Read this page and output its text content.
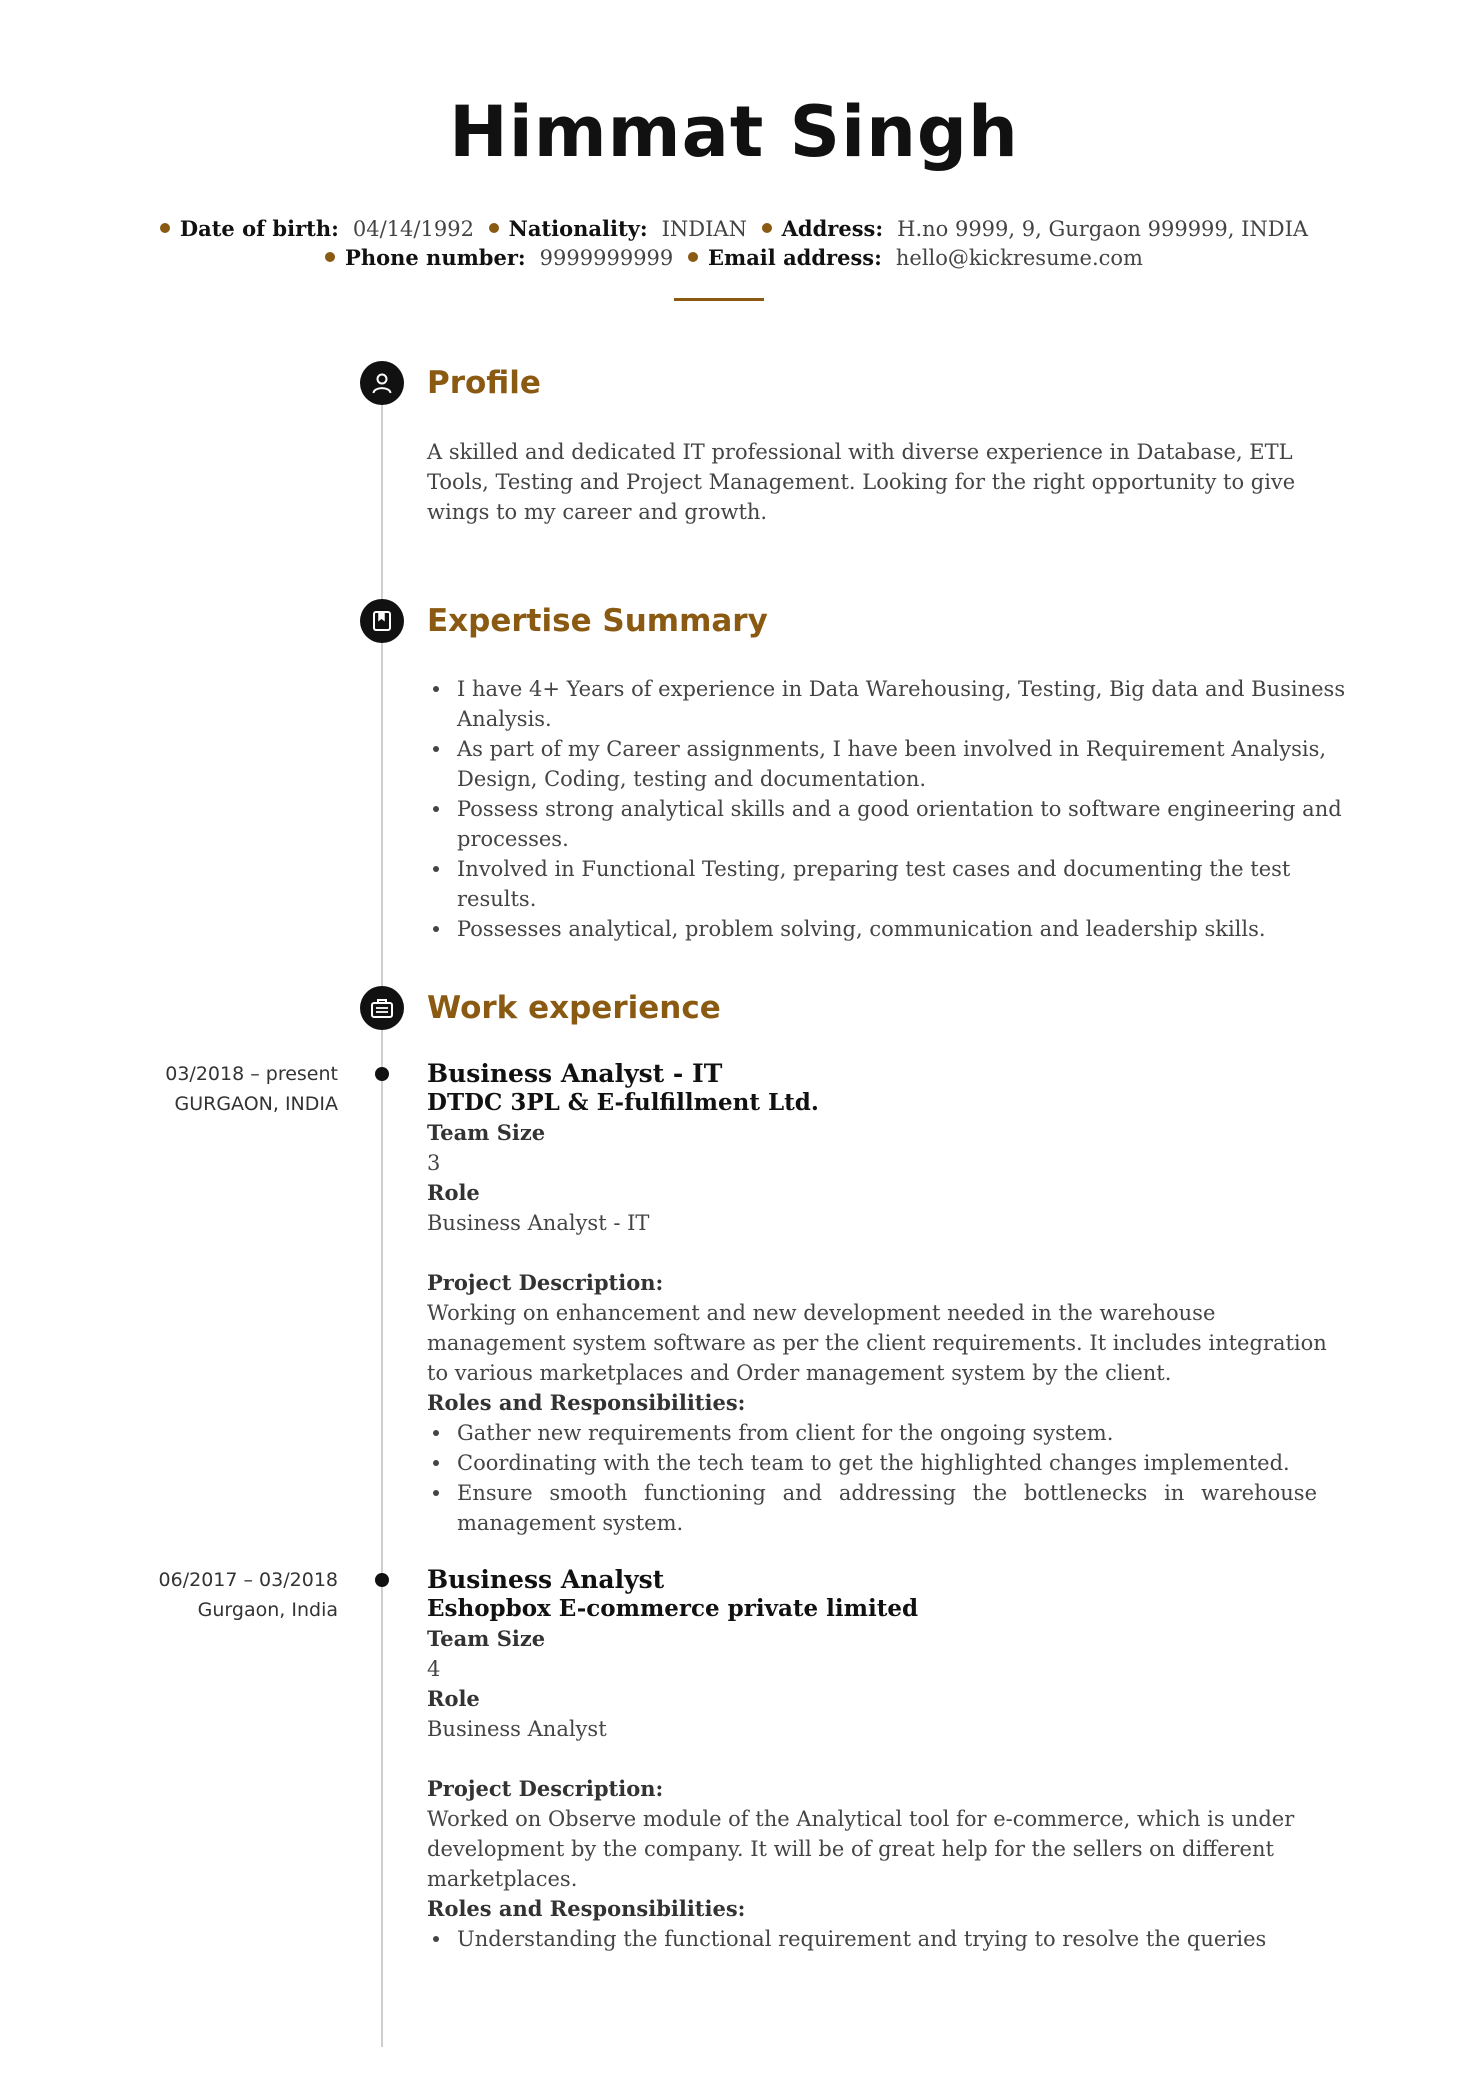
Himmat Singh
Date of birth: 04/14/1992 Nationality: INDIAN Address: H.no 9999, 9, Gurgaon 999999, INDIA
Phone number: 9999999999 Email address: hello@kickresume.com
Profile
A skilled and dedicated IT professional with diverse experience in Database, ETL Tools, Testing and Project Management. Looking for the right opportunity to give wings to my career and growth.
Expertise Summary
I have 4+ Years of experience in Data Warehousing, Testing, Big data and Business Analysis.
As part of my Career assignments, I have been involved in Requirement Analysis, Design, Coding, testing and documentation.
Possess strong analytical skills and a good orientation to software engineering and processes.
Involved in Functional Testing, preparing test cases and documenting the test results.
Possesses analytical, problem solving, communication and leadership skills.
Work experience
03/2018 – present
GURGAON, INDIA
Business Analyst - IT
DTDC 3PL & E-fulfillment Ltd.
Team Size
3
Role
Business Analyst - IT
Project Description:
Working on enhancement and new development needed in the warehouse management system software as per the client requirements. It includes integration to various marketplaces and Order management system by the client.
Roles and Responsibilities:
Gather new requirements from client for the ongoing system.
Coordinating with the tech team to get the highlighted changes implemented.
Ensure smooth functioning and addressing the bottlenecks in warehouse management system.
06/2017 – 03/2018
Gurgaon, India
Business Analyst
Eshopbox E-commerce private limited
Team Size
4
Role
Business Analyst
Project Description:
Worked on Observe module of the Analytical tool for e-commerce, which is under development by the company. It will be of great help for the sellers on different marketplaces.
Roles and Responsibilities:
Understanding the functional requirement and trying to resolve the queries
